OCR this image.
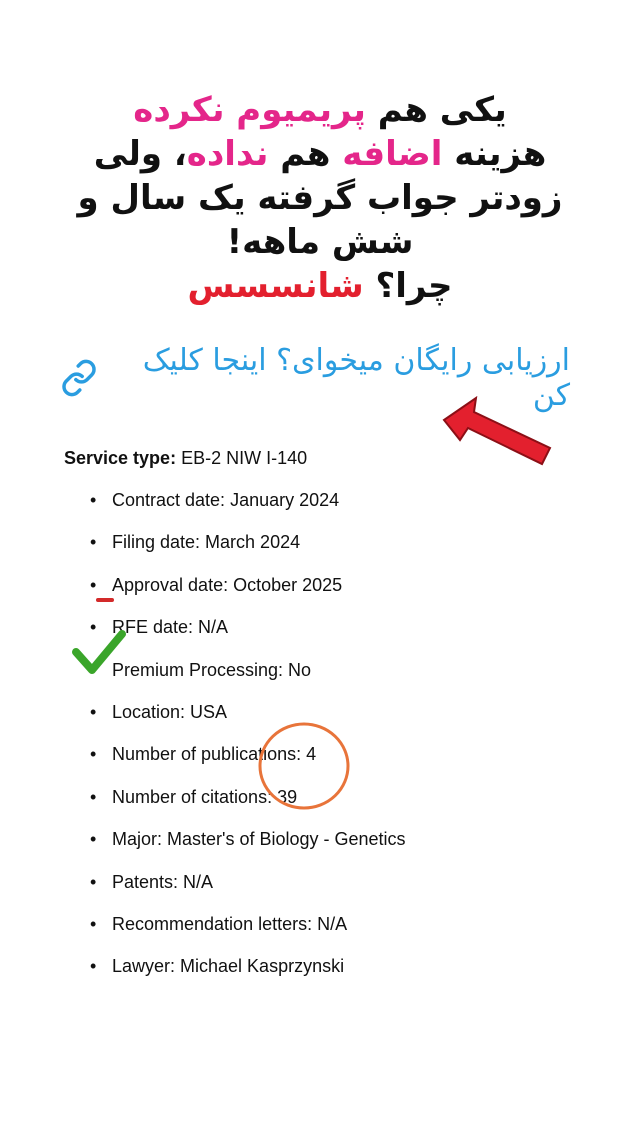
یکی هم پریمیوم نکرده
هزینه اضافه هم نداده، ولی
زودتر جواب گرفته یک سال و
شش ماهه!
چرا؟ شانسسس
ارزیابی رایگان میخوای؟ اینجا کلیک کن
Service type: EB-2 NIW I-140
• Contract date: January 2024
• Filing date: March 2024
• Approval date: October 2025
• RFE date: N/A
• Premium Processing: No
• Location: USA
• Number of publications: 4
• Number of citations: 39
• Major: Master's of Biology - Genetics
• Patents: N/A
• Recommendation letters: N/A
• Lawyer: Michael Kasprzynski
